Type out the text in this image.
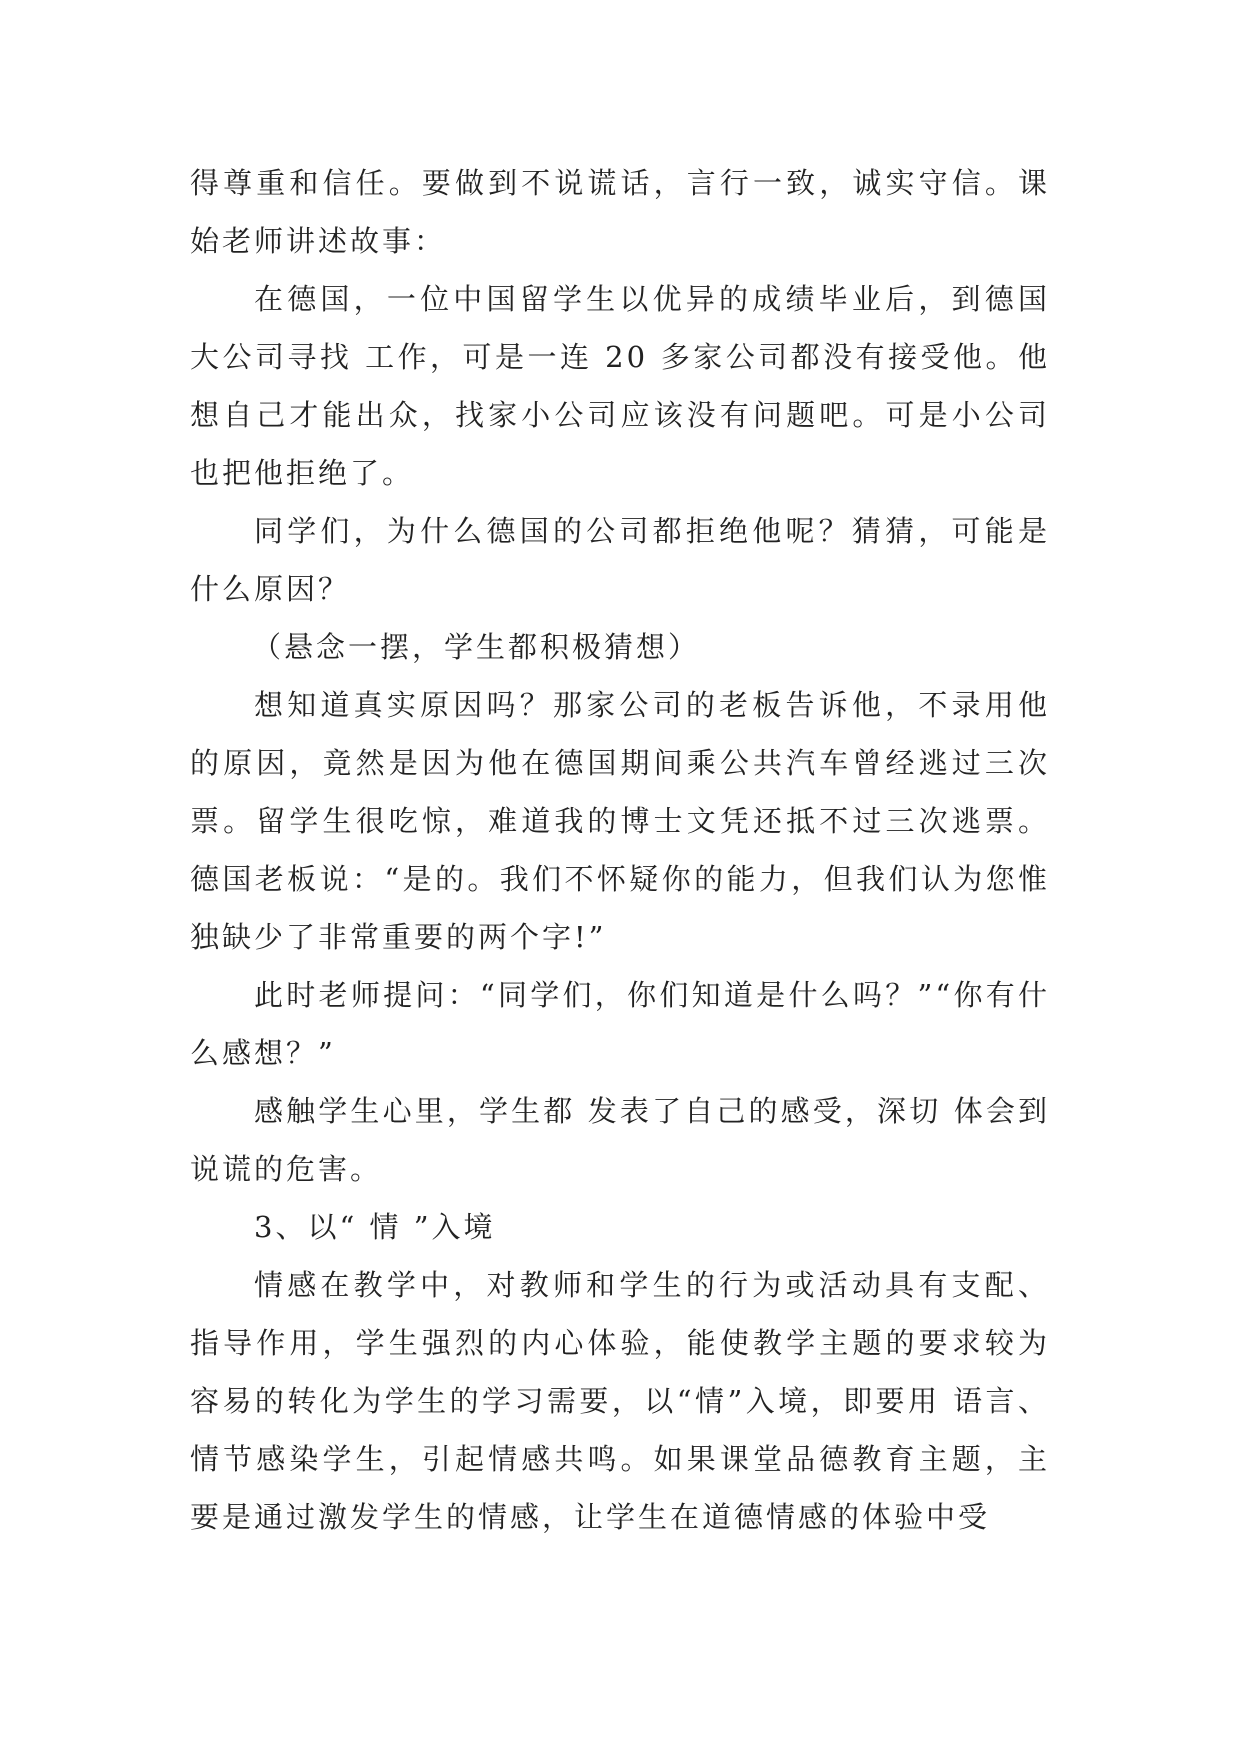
得尊重和信任。要做到不说谎话，言行一致，诚实守信。课始老师讲述故事：

在德国，一位中国留学生以优异的成绩毕业后，到德国大公司寻找 工作，可是一连 20 多家公司都没有接受他。他想自己才能出众，找家小公司应该没有问题吧。可是小公司也把他拒绝了。

同学们，为什么德国的公司都拒绝他呢？猜猜，可能是什么原因？

（悬念一摆，学生都积极猜想）

想知道真实原因吗？那家公司的老板告诉他，不录用他的原因，竟然是因为他在德国期间乘公共汽车曾经逃过三次票。留学生很吃惊，难道我的博士文凭还抵不过三次逃票。德国老板说：“是的。我们不怀疑你的能力，但我们认为您惟独缺少了非常重要的两个字!”

此时老师提问：“同学们，你们知道是什么吗？”“你有什么感想？”

感触学生心里，学生都 发表了自己的感受，深切 体会到说谎的危害。

3、以“ 情 ”入境

情感在教学中，对教师和学生的行为或活动具有支配、指导作用，学生强烈的内心体验，能使教学主题的要求较为容易的转化为学生的学习需要，以“情”入境，即要用 语言、情节感染学生，引起情感共鸣。如果课堂品德教育主题，主要是通过激发学生的情感，让学生在道德情感的体验中受
